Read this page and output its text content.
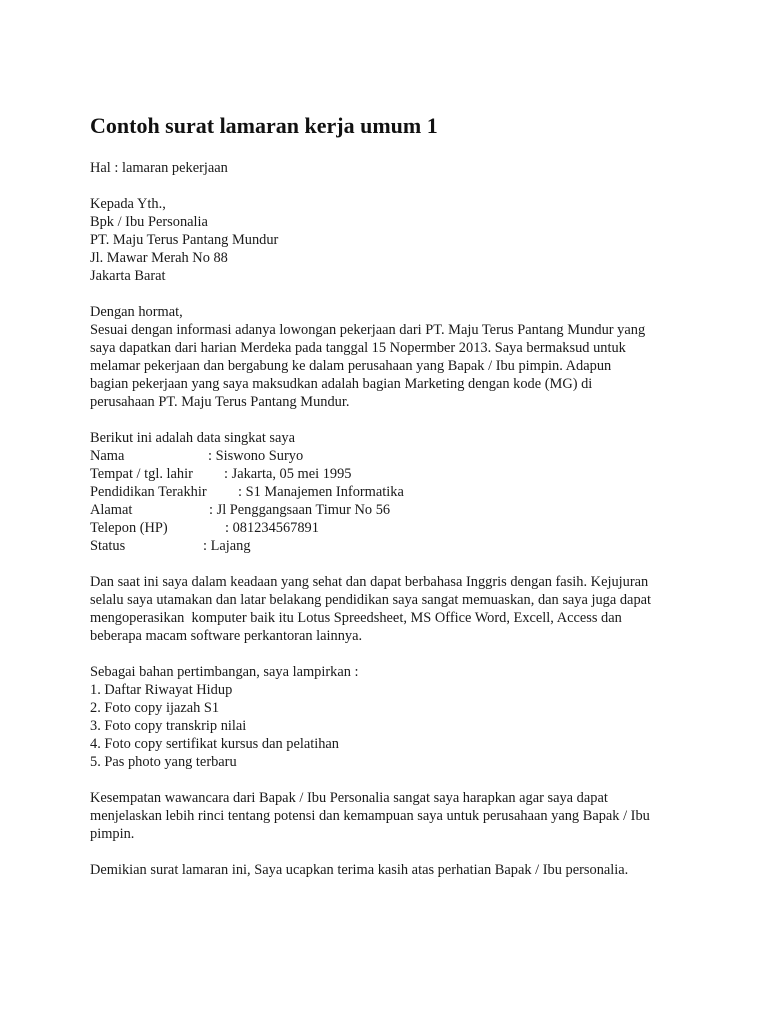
Contoh surat lamaran kerja umum 1

Hal : lamaran pekerjaan

Kepada Yth.,

Bpk / Ibu Personalia

PT. Maju Terus Pantang Mundur

Jl. Mawar Merah No 88

Jakarta Barat

Dengan hormat,

Sesuai dengan informasi adanya lowongan pekerjaan dari PT. Maju Terus Pantang Mundur yang

saya dapatkan dari harian Merdeka pada tanggal 15 Nopermber 2013. Saya bermaksud untuk

melamar pekerjaan dan bergabung ke dalam perusahaan yang Bapak / Ibu pimpin. Adapun

bagian pekerjaan yang saya maksudkan adalah bagian Marketing dengan kode (MG) di

perusahaan PT. Maju Terus Pantang Mundur.

Berikut ini adalah data singkat saya

Nama

	: Siswono Suryo

Tempat / tgl. lahir

: Jakarta, 05 mei 1995

Pendidikan Terakhir

: S1 Manajemen Informatika

Alamat

	: Jl Penggangsaan Timur No 56

Telepon (HP)

	: 081234567891

Status

	: Lajang

Dan saat ini saya dalam keadaan yang sehat dan dapat berbahasa Inggris dengan fasih. Kejujuran

selalu saya utamakan dan latar belakang pendidikan saya sangat memuaskan, dan saya juga dapat

mengoperasikan  komputer baik itu Lotus Spreedsheet, MS Office Word, Excell, Access dan

beberapa macam software perkantoran lainnya.

Sebagai bahan pertimbangan, saya lampirkan :

1. Daftar Riwayat Hidup

2. Foto copy ijazah S1

3. Foto copy transkrip nilai

4. Foto copy sertifikat kursus dan pelatihan

5. Pas photo yang terbaru

Kesempatan wawancara dari Bapak / Ibu Personalia sangat saya harapkan agar saya dapat

menjelaskan lebih rinci tentang potensi dan kemampuan saya untuk perusahaan yang Bapak / Ibu

pimpin.

Demikian surat lamaran ini, Saya ucapkan terima kasih atas perhatian Bapak / Ibu personalia.
